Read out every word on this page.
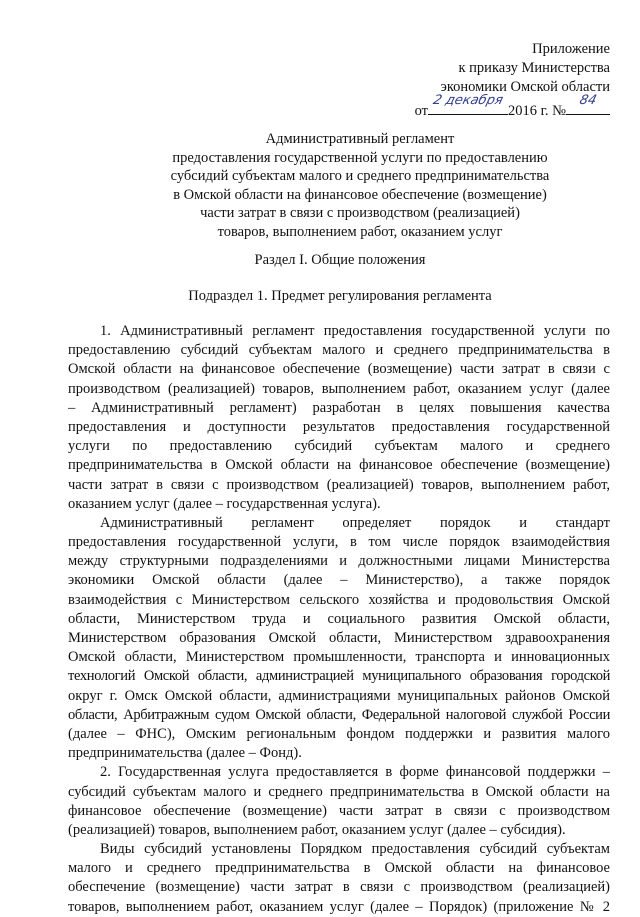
Приложение
к приказу Министерства
экономики Омской области
от
2 декабря
2016 г. №
84
Административный регламент
предоставления государственной услуги по предоставлению
субсидий субъектам малого и среднего предпринимательства
в Омской области на финансовое обеспечение (возмещение)
части затрат в связи с производством (реализацией)
товаров, выполнением работ, оказанием услуг
Раздел I. Общие положения
Подраздел 1. Предмет регулирования регламента
1. Административный регламент предоставления государственной услуги по
предоставлению субсидий субъектам малого и среднего предпринимательства в
Омской области на финансовое обеспечение (возмещение) части затрат в связи с
производством (реализацией) товаров, выполнением работ, оказанием услуг (далее
– Административный регламент) разработан в целях повышения качества
предоставления и доступности результатов предоставления государственной
услуги по предоставлению субсидий субъектам малого и среднего
предпринимательства в Омской области на финансовое обеспечение (возмещение)
части затрат в связи с производством (реализацией) товаров, выполнением работ,
оказанием услуг (далее – государственная услуга).
Административный регламент определяет порядок и стандарт
предоставления государственной услуги, в том числе порядок взаимодействия
между структурными подразделениями и должностными лицами Министерства
экономики Омской области (далее – Министерство), а также порядок
взаимодействия с Министерством сельского хозяйства и продовольствия Омской
области, Министерством труда и социального развития Омской области,
Министерством образования Омской области, Министерством здравоохранения
Омской области, Министерством промышленности, транспорта и инновационных
технологий Омской области, администрацией муниципального образования городской
округ г. Омск Омской области, администрациями муниципальных районов Омской
области, Арбитражным судом Омской области, Федеральной налоговой службой России
(далее – ФНС), Омским региональным фондом поддержки и развития малого
предпринимательства (далее – Фонд).
2. Государственная услуга предоставляется в форме финансовой поддержки –
субсидий субъектам малого и среднего предпринимательства в Омской области на
финансовое обеспечение (возмещение) части затрат в связи с производством
(реализацией) товаров, выполнением работ, оказанием услуг (далее – субсидия).
Виды субсидий установлены Порядком предоставления субсидий субъектам
малого и среднего предпринимательства в Омской области на финансовое
обеспечение (возмещение) части затрат в связи с производством (реализацией)
товаров, выполнением работ, оказанием услуг (далее – Порядок) (приложение № 2
